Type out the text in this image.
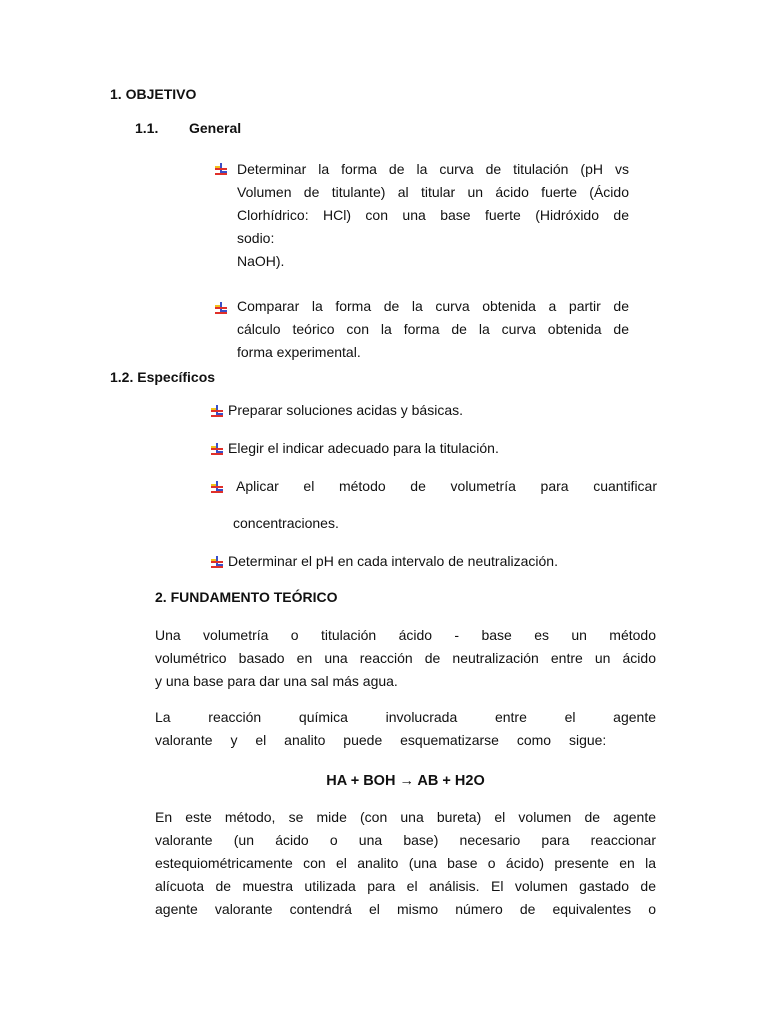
1. OBJETIVO
1.1. General

Determinar la forma de la curva de titulación (pH vs

Volumen de titulante) al titular un ácido fuerte (Ácido

Clorhídrico: HCl) con una base fuerte (Hidróxido de

sodio:

NaOH).

Comparar la forma de la curva obtenida a partir de

cálculo teórico con la forma de la curva obtenida de

forma experimental.

1.2. Específicos
Preparar soluciones acidas y básicas.
Elegir el indicar adecuado para la titulación.
Aplicar el método de volumetría para cuantificar
concentraciones.
Determinar el pH en cada intervalo de neutralización.
2. FUNDAMENTO TEÓRICO

Una volumetría o titulación ácido - base es un método

volumétrico basado en una reacción de neutralización entre un ácido

y una base para dar una sal más agua.

La reacción química involucrada entre el agente

valorante y el analito puede esquematizarse como sigue:

HA + BOH → AB + H2O

En este método, se mide (con una bureta) el volumen de agente

valorante (un ácido o una base) necesario para reaccionar

estequiométricamente con el analito (una base o ácido) presente en la

alícuota de muestra utilizada para el análisis. El volumen gastado de

agente valorante contendrá el mismo número de equivalentes o
